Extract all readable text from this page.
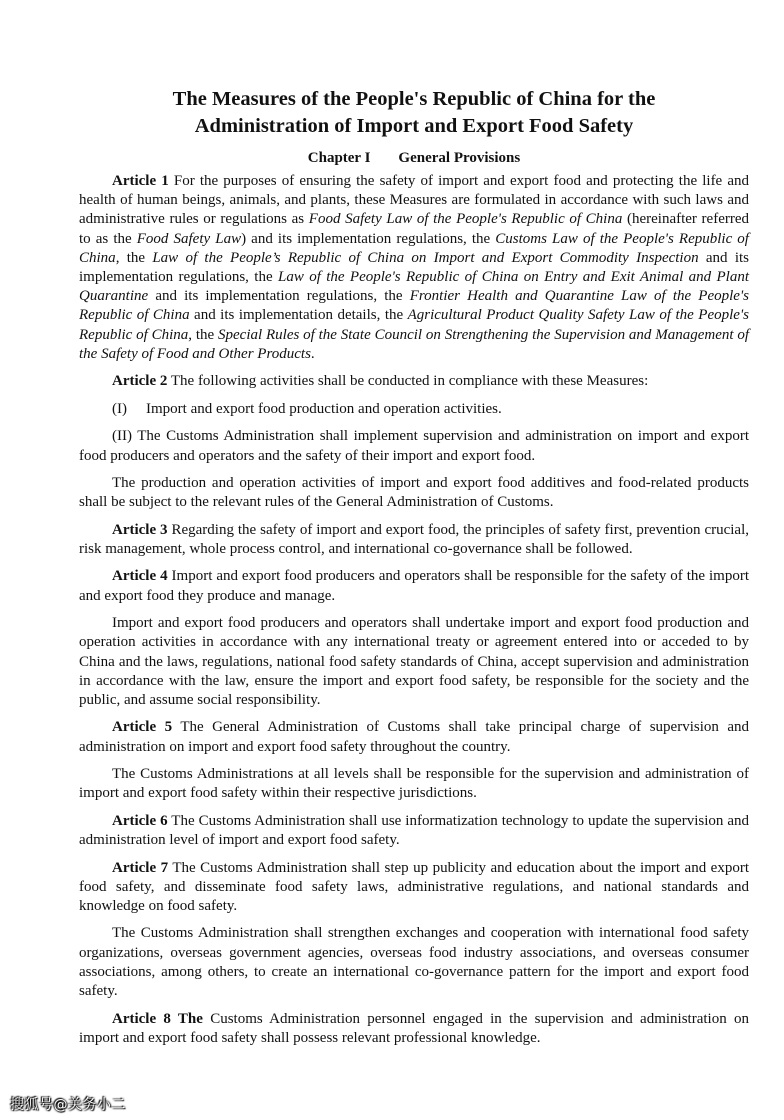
The Measures of the People's Republic of China for the
Administration of Import and Export Food Safety
Chapter I General Provisions

Article 1 For the purposes of ensuring the safety of import and export food and protecting the life and health of human beings, animals, and plants, these Measures are formulated in accordance with such laws and administrative rules or regulations as Food Safety Law of the People's Republic of China (hereinafter referred to as the Food Safety Law) and its implementation regulations, the Customs Law of the People's Republic of China, the Law of the People’s Republic of China on Import and Export Commodity Inspection and its implementation regulations, the Law of the People's Republic of China on Entry and Exit Animal and Plant Quarantine and its implementation regulations, the Frontier Health and Quarantine Law of the People's Republic of China and its implementation details, the Agricultural Product Quality Safety Law of the People's Republic of China, the Special Rules of the State Council on Strengthening the Supervision and Management of the Safety of Food and Other Products.

Article 2 The following activities shall be conducted in compliance with these Measures:

(I) Import and export food production and operation activities.

(II) The Customs Administration shall implement supervision and administration on import and export food producers and operators and the safety of their import and export food.

The production and operation activities of import and export food additives and food-related products shall be subject to the relevant rules of the General Administration of Customs.

Article 3 Regarding the safety of import and export food, the principles of safety first, prevention crucial, risk management, whole process control, and international co-governance shall be followed.

Article 4 Import and export food producers and operators shall be responsible for the safety of the import and export food they produce and manage.

Import and export food producers and operators shall undertake import and export food production and operation activities in accordance with any international treaty or agreement entered into or acceded to by China and the laws, regulations, national food safety standards of China, accept supervision and administration in accordance with the law, ensure the import and export food safety, be responsible for the society and the public, and assume social responsibility.

Article 5 The General Administration of Customs shall take principal charge of supervision and administration on import and export food safety throughout the country.

The Customs Administrations at all levels shall be responsible for the supervision and administration of import and export food safety within their respective jurisdictions.

Article 6 The Customs Administration shall use informatization technology to update the supervision and administration level of import and export food safety.

Article 7 The Customs Administration shall step up publicity and education about the import and export food safety, and disseminate food safety laws, administrative regulations, and national standards and knowledge on food safety.

The Customs Administration shall strengthen exchanges and cooperation with international food safety organizations, overseas government agencies, overseas food industry associations, and overseas consumer associations, among others, to create an international co-governance pattern for the import and export food safety.

Article 8 The Customs Administration personnel engaged in the supervision and administration on import and export food safety shall possess relevant professional knowledge.

搜狐号@关务小二
